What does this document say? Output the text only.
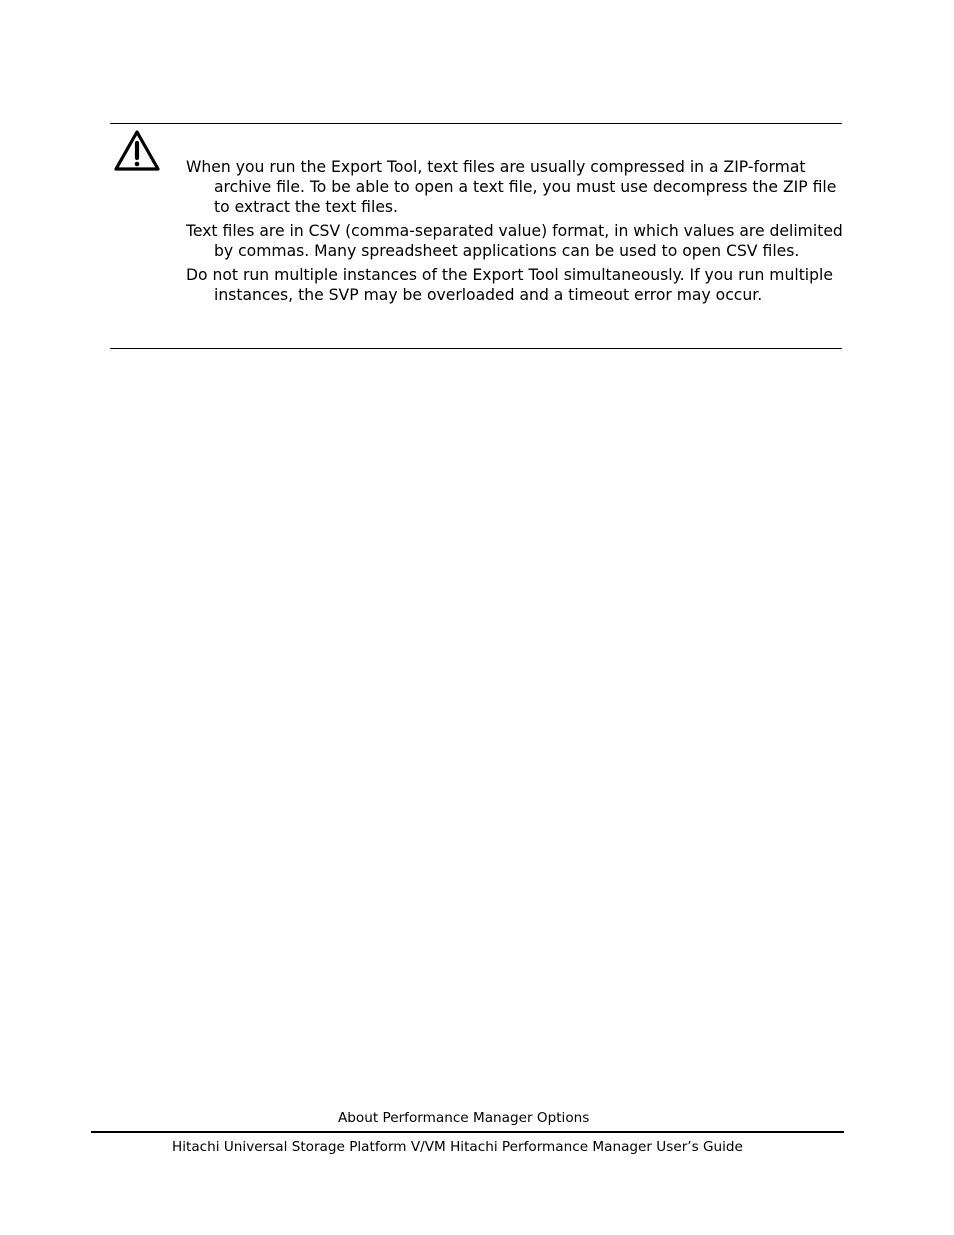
When you run the Export Tool, text files are usually compressed in a ZIP-format archive file. To be able to open a text file, you must use decompress the ZIP file to extract the text files.
Text files are in CSV (comma-separated value) format, in which values are delimited by commas. Many spreadsheet applications can be used to open CSV files.
Do not run multiple instances of the Export Tool simultaneously. If you run multiple instances, the SVP may be overloaded and a timeout error may occur.
About Performance Manager Options
Hitachi Universal Storage Platform V/VM Hitachi Performance Manager User’s Guide
